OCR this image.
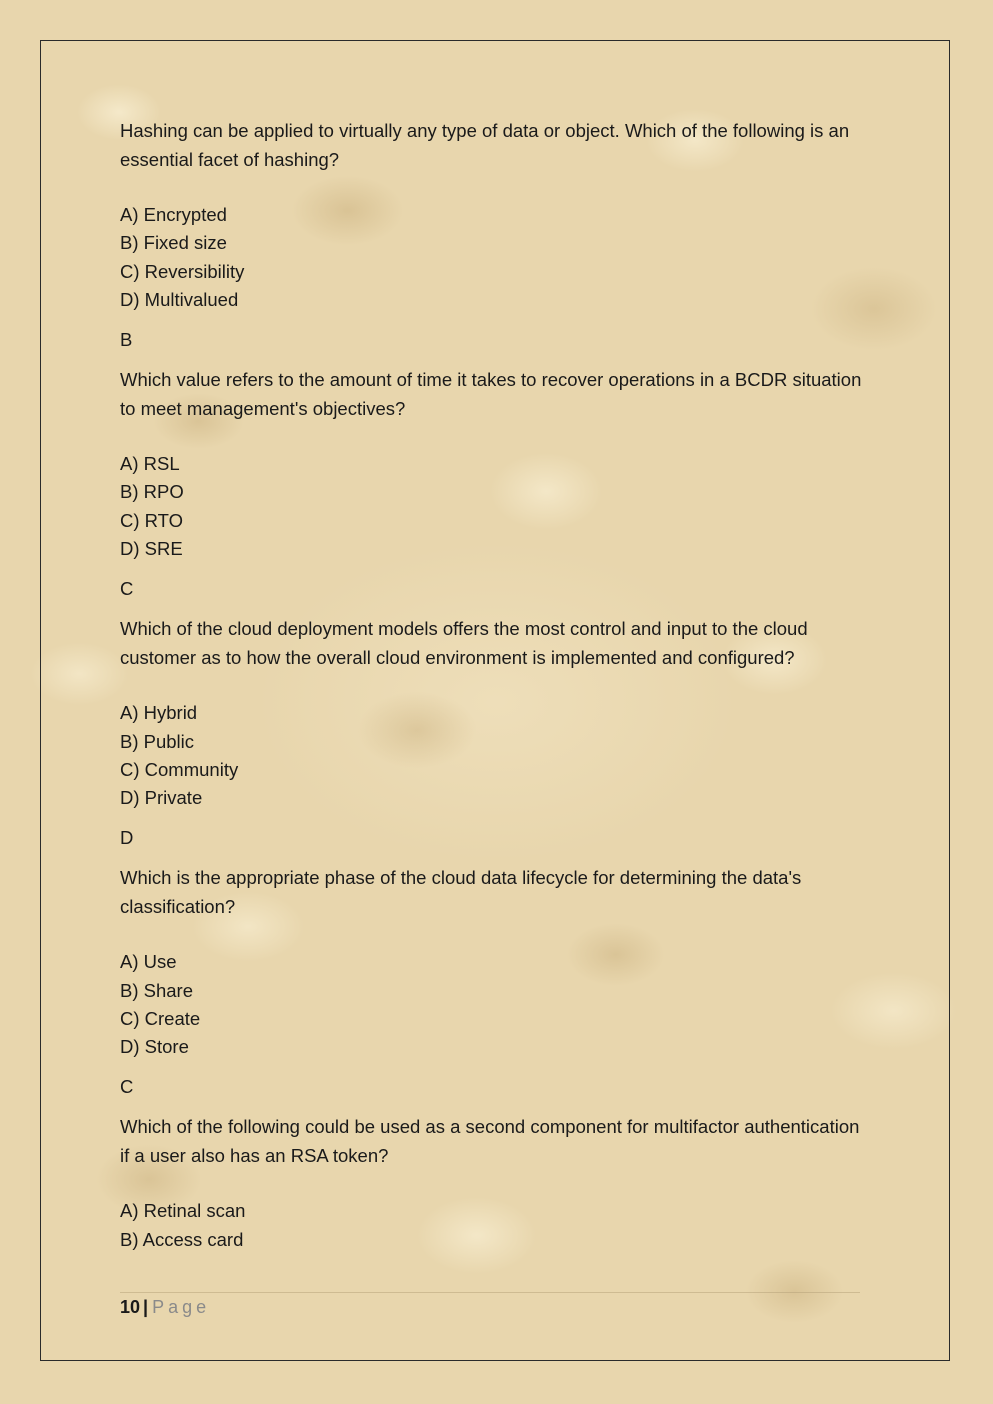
Hashing can be applied to virtually any type of data or object. Which of the following is an essential facet of hashing?

A) Encrypted
B) Fixed size
C) Reversibility
D) Multivalued

B

Which value refers to the amount of time it takes to recover operations in a BCDR situation to meet management's objectives?

A) RSL
B) RPO
C) RTO
D) SRE

C

Which of the cloud deployment models offers the most control and input to the cloud customer as to how the overall cloud environment is implemented and configured?

A) Hybrid
B) Public
C) Community
D) Private

D

Which is the appropriate phase of the cloud data lifecycle for determining the data's classification?

A) Use
B) Share
C) Create
D) Store

C

Which of the following could be used as a second component for multifactor authentication if a user also has an RSA token?

A) Retinal scan
B) Access card
10 | Page
